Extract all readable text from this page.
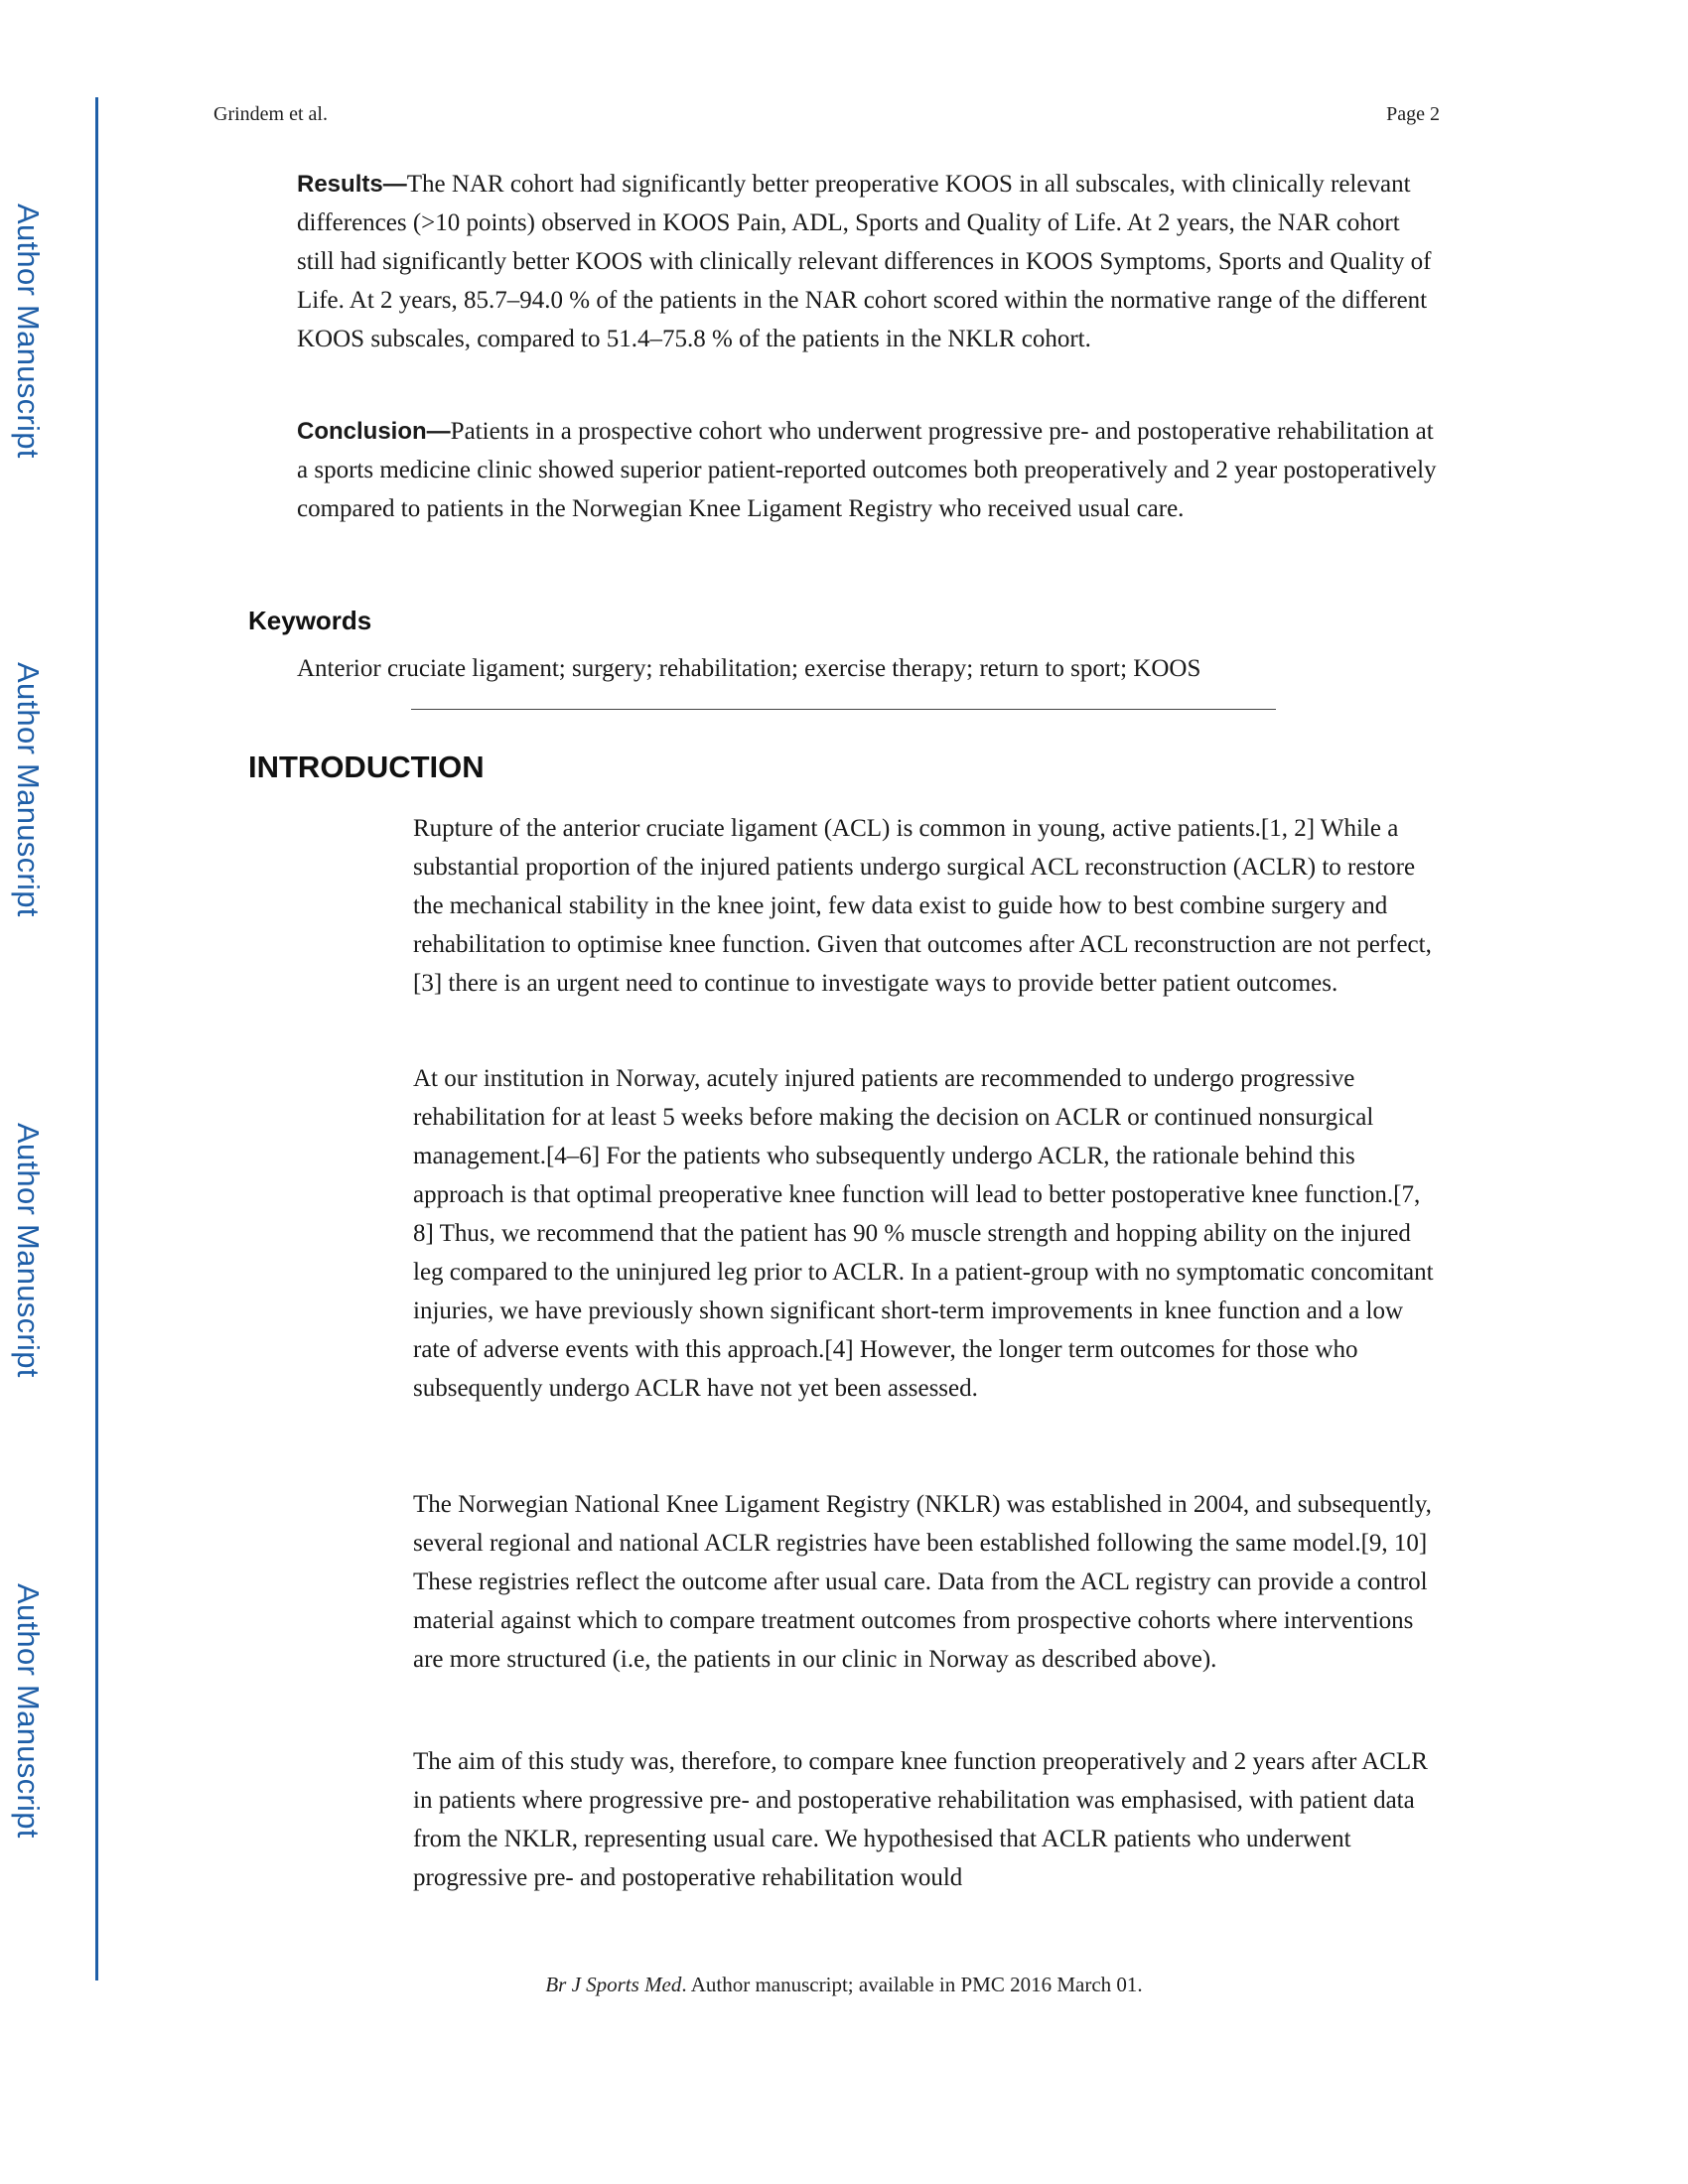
Author Manuscript
Author Manuscript
Author Manuscript
Author Manuscript
Grindem et al.	Page 2
Results—The NAR cohort had significantly better preoperative KOOS in all subscales, with clinically relevant differences (>10 points) observed in KOOS Pain, ADL, Sports and Quality of Life. At 2 years, the NAR cohort still had significantly better KOOS with clinically relevant differences in KOOS Symptoms, Sports and Quality of Life. At 2 years, 85.7–94.0 % of the patients in the NAR cohort scored within the normative range of the different KOOS subscales, compared to 51.4–75.8 % of the patients in the NKLR cohort.
Conclusion—Patients in a prospective cohort who underwent progressive pre- and postoperative rehabilitation at a sports medicine clinic showed superior patient-reported outcomes both preoperatively and 2 year postoperatively compared to patients in the Norwegian Knee Ligament Registry who received usual care.
Keywords
Anterior cruciate ligament; surgery; rehabilitation; exercise therapy; return to sport; KOOS
INTRODUCTION
Rupture of the anterior cruciate ligament (ACL) is common in young, active patients.[1, 2] While a substantial proportion of the injured patients undergo surgical ACL reconstruction (ACLR) to restore the mechanical stability in the knee joint, few data exist to guide how to best combine surgery and rehabilitation to optimise knee function. Given that outcomes after ACL reconstruction are not perfect,[3] there is an urgent need to continue to investigate ways to provide better patient outcomes.
At our institution in Norway, acutely injured patients are recommended to undergo progressive rehabilitation for at least 5 weeks before making the decision on ACLR or continued nonsurgical management.[4–6] For the patients who subsequently undergo ACLR, the rationale behind this approach is that optimal preoperative knee function will lead to better postoperative knee function.[7, 8] Thus, we recommend that the patient has 90 % muscle strength and hopping ability on the injured leg compared to the uninjured leg prior to ACLR. In a patient-group with no symptomatic concomitant injuries, we have previously shown significant short-term improvements in knee function and a low rate of adverse events with this approach.[4] However, the longer term outcomes for those who subsequently undergo ACLR have not yet been assessed.
The Norwegian National Knee Ligament Registry (NKLR) was established in 2004, and subsequently, several regional and national ACLR registries have been established following the same model.[9, 10] These registries reflect the outcome after usual care. Data from the ACL registry can provide a control material against which to compare treatment outcomes from prospective cohorts where interventions are more structured (i.e, the patients in our clinic in Norway as described above).
The aim of this study was, therefore, to compare knee function preoperatively and 2 years after ACLR in patients where progressive pre- and postoperative rehabilitation was emphasised, with patient data from the NKLR, representing usual care. We hypothesised that ACLR patients who underwent progressive pre- and postoperative rehabilitation would
Br J Sports Med. Author manuscript; available in PMC 2016 March 01.
